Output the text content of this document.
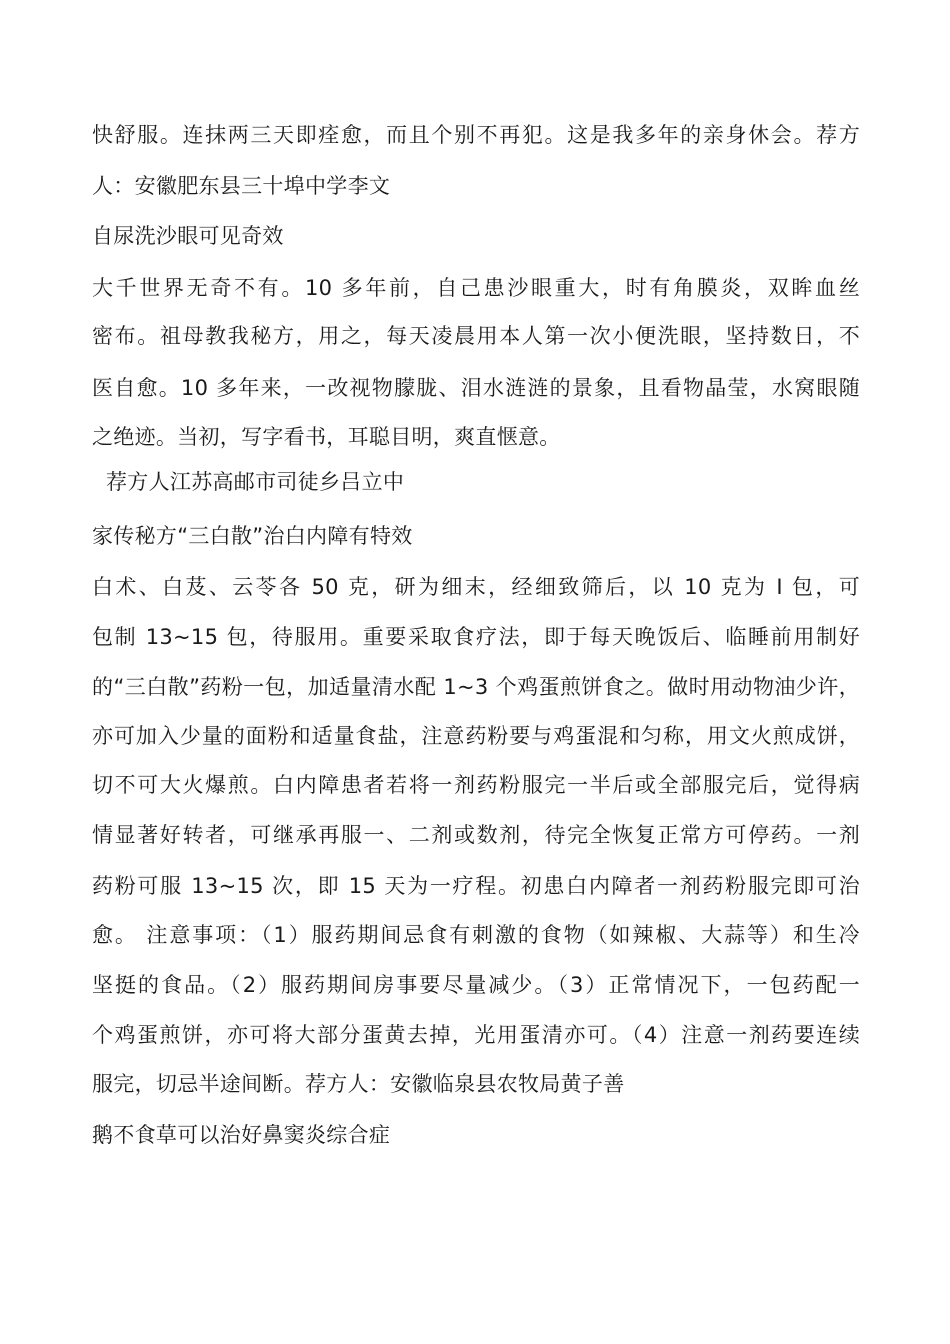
快舒服。连抹两三天即痊愈，而且个别不再犯。这是我多年的亲身休会。荐方
人：安徽肥东县三十埠中学李文
自尿洗沙眼可见奇效
大千世界无奇不有。10 多年前，自己患沙眼重大，时有角膜炎，双眸血丝
密布。祖母教我秘方，用之，每天凌晨用本人第一次小便洗眼，坚持数日，不
医自愈。10 多年来，一改视物朦胧、泪水涟涟的景象，且看物晶莹，水窝眼随
之绝迹。当初，写字看书，耳聪目明，爽直惬意。
荐方人江苏高邮市司徒乡吕立中
家传秘方“三白散”治白内障有特效
白术、白芨、云苓各 50 克，研为细末，经细致筛后，以 10 克为 I 包，可
包制 13~15 包，待服用。重要采取食疗法，即于每天晚饭后、临睡前用制好
的“三白散”药粉一包，加适量清水配 1~3 个鸡蛋煎饼食之。做时用动物油少许，
亦可加入少量的面粉和适量食盐，注意药粉要与鸡蛋混和匀称，用文火煎成饼，
切不可大火爆煎。白内障患者若将一剂药粉服完一半后或全部服完后，觉得病
情显著好转者，可继承再服一、二剂或数剂，待完全恢复正常方可停药。一剂
药粉可服 13~15 次，即 15 天为一疗程。初患白内障者一剂药粉服完即可治
愈。 注意事项：（1）服药期间忌食有刺激的食物（如辣椒、大蒜等）和生冷
坚挺的食品。（2）服药期间房事要尽量减少。（3）正常情况下，一包药配一
个鸡蛋煎饼，亦可将大部分蛋黄去掉，光用蛋清亦可。（4）注意一剂药要连续
服完，切忌半途间断。荐方人：安徽临泉县农牧局黄子善
鹅不食草可以治好鼻窦炎综合症
